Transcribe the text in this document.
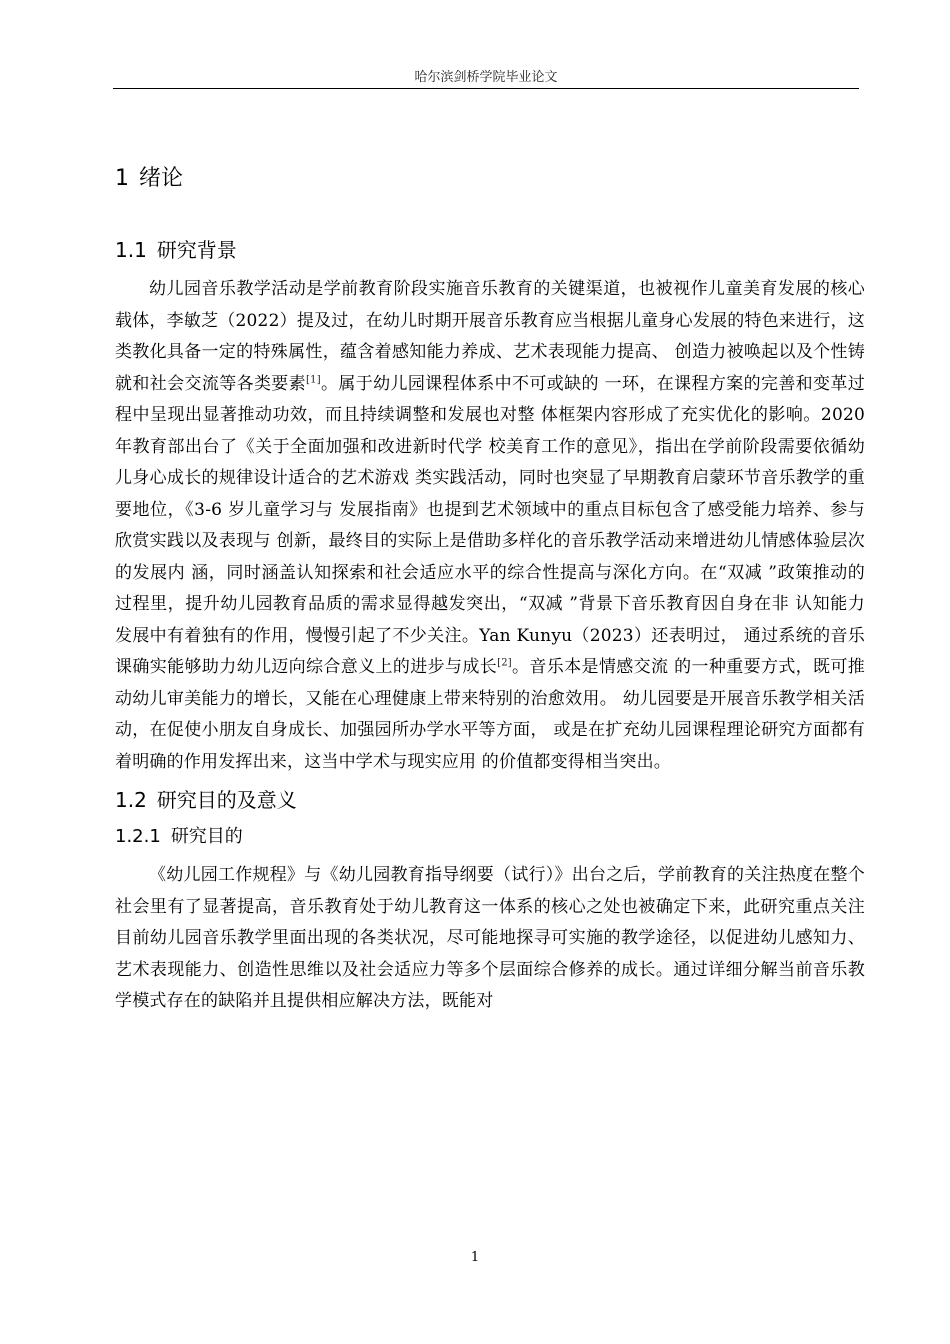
哈尔滨剑桥学院毕业论文
1 绪论
1.1 研究背景

幼儿园音乐教学活动是学前教育阶段实施音乐教育的关键渠道，也被视作儿童美育发展的核心载体，李敏芝（2022）提及过，在幼儿时期开展音乐教育应当根据儿童身心发展的特色来进行，这类教化具备一定的特殊属性，蕴含着感知能力养成、艺术表现能力提高、 创造力被唤起以及个性铸就和社会交流等各类要素[1]。属于幼儿园课程体系中不可或缺的 一环，在课程方案的完善和变革过程中呈现出显著推动功效，而且持续调整和发展也对整 体框架内容形成了充实优化的影响。2020 年教育部出台了《关于全面加强和改进新时代学 校美育工作的意见》，指出在学前阶段需要依循幼儿身心成长的规律设计适合的艺术游戏 类实践活动，同时也突显了早期教育启蒙环节音乐教学的重要地位，《3-6 岁儿童学习与 发展指南》也提到艺术领域中的重点目标包含了感受能力培养、参与欣赏实践以及表现与 创新，最终目的实际上是借助多样化的音乐教学活动来增进幼儿情感体验层次的发展内 涵，同时涵盖认知探索和社会适应水平的综合性提高与深化方向。在“双减 ”政策推动的 过程里，提升幼儿园教育品质的需求显得越发突出，“双减 ”背景下音乐教育因自身在非 认知能力发展中有着独有的作用，慢慢引起了不少关注。Yan Kunyu（2023）还表明过， 通过系统的音乐课确实能够助力幼儿迈向综合意义上的进步与成长[2]。音乐本是情感交流 的一种重要方式，既可推动幼儿审美能力的增长，又能在心理健康上带来特别的治愈效用。 幼儿园要是开展音乐教学相关活动，在促使小朋友自身成长、加强园所办学水平等方面， 或是在扩充幼儿园课程理论研究方面都有着明确的作用发挥出来，这当中学术与现实应用 的价值都变得相当突出。

1.2 研究目的及意义
1.2.1 研究目的

《幼儿园工作规程》与《幼儿园教育指导纲要（试行）》出台之后，学前教育的关注热度在整个社会里有了显著提高，音乐教育处于幼儿教育这一体系的核心之处也被确定下来，此研究重点关注目前幼儿园音乐教学里面出现的各类状况，尽可能地探寻可实施的教学途径，以促进幼儿感知力、艺术表现能力、创造性思维以及社会适应力等多个层面综合修养的成长。通过详细分解当前音乐教学模式存在的缺陷并且提供相应解决方法，既能对

1
